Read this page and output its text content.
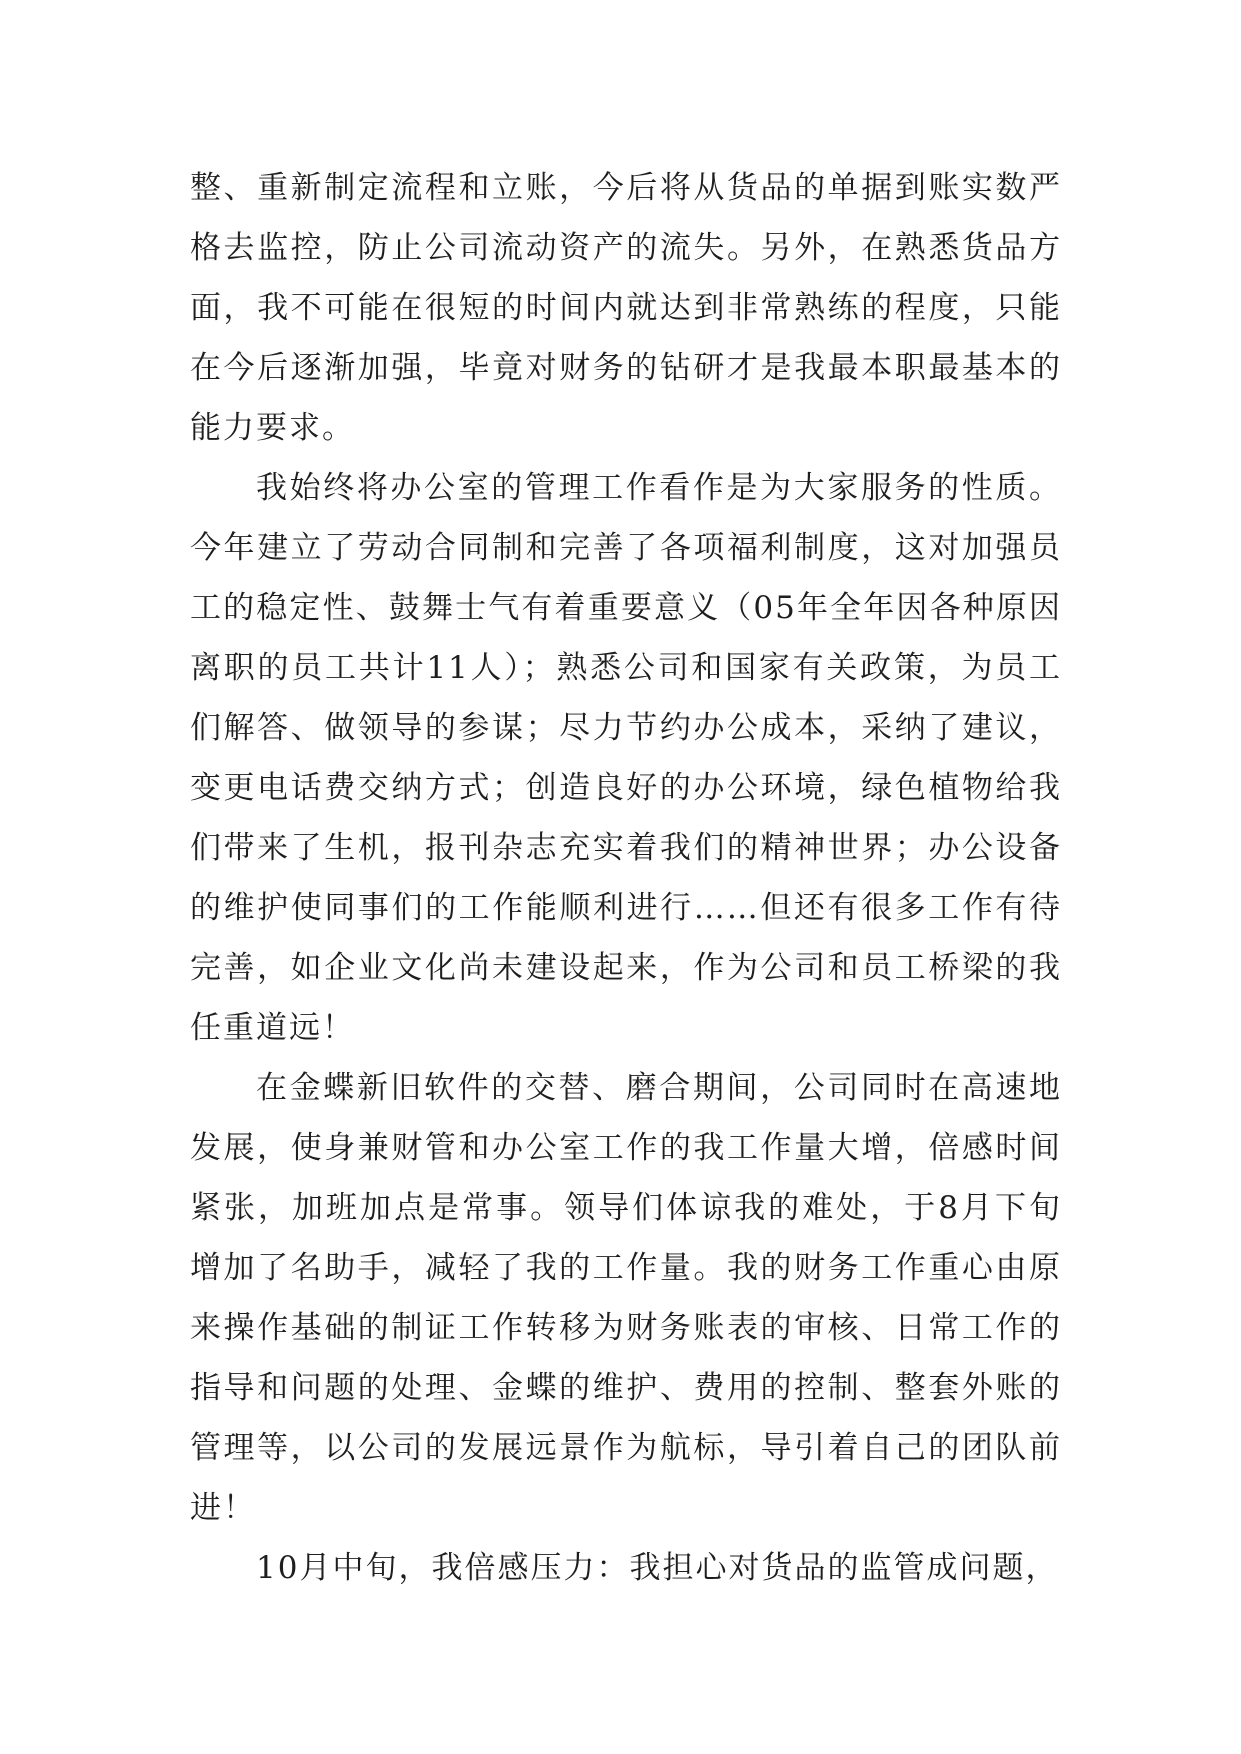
整、重新制定流程和立账，今后将从货品的单据到账实数严格去监控，防止公司流动资产的流失。另外，在熟悉货品方面，我不可能在很短的时间内就达到非常熟练的程度，只能在今后逐渐加强，毕竟对财务的钻研才是我最本职最基本的能力要求。

我始终将办公室的管理工作看作是为大家服务的性质。今年建立了劳动合同制和完善了各项福利制度，这对加强员工的稳定性、鼓舞士气有着重要意义（05年全年因各种原因离职的员工共计11人）；熟悉公司和国家有关政策，为员工们解答、做领导的参谋；尽力节约办公成本，采纳了建议，变更电话费交纳方式；创造良好的办公环境，绿色植物给我们带来了生机，报刊杂志充实着我们的精神世界；办公设备的维护使同事们的工作能顺利进行……但还有很多工作有待完善，如企业文化尚未建设起来，作为公司和员工桥梁的我任重道远！

在金蝶新旧软件的交替、磨合期间，公司同时在高速地发展，使身兼财管和办公室工作的我工作量大增，倍感时间紧张，加班加点是常事。领导们体谅我的难处，于8月下旬增加了名助手，减轻了我的工作量。我的财务工作重心由原来操作基础的制证工作转移为财务账表的审核、日常工作的指导和问题的处理、金蝶的维护、费用的控制、整套外账的管理等，以公司的发展远景作为航标，导引着自己的团队前进！

10月中旬，我倍感压力：我担心对货品的监管成问题，
